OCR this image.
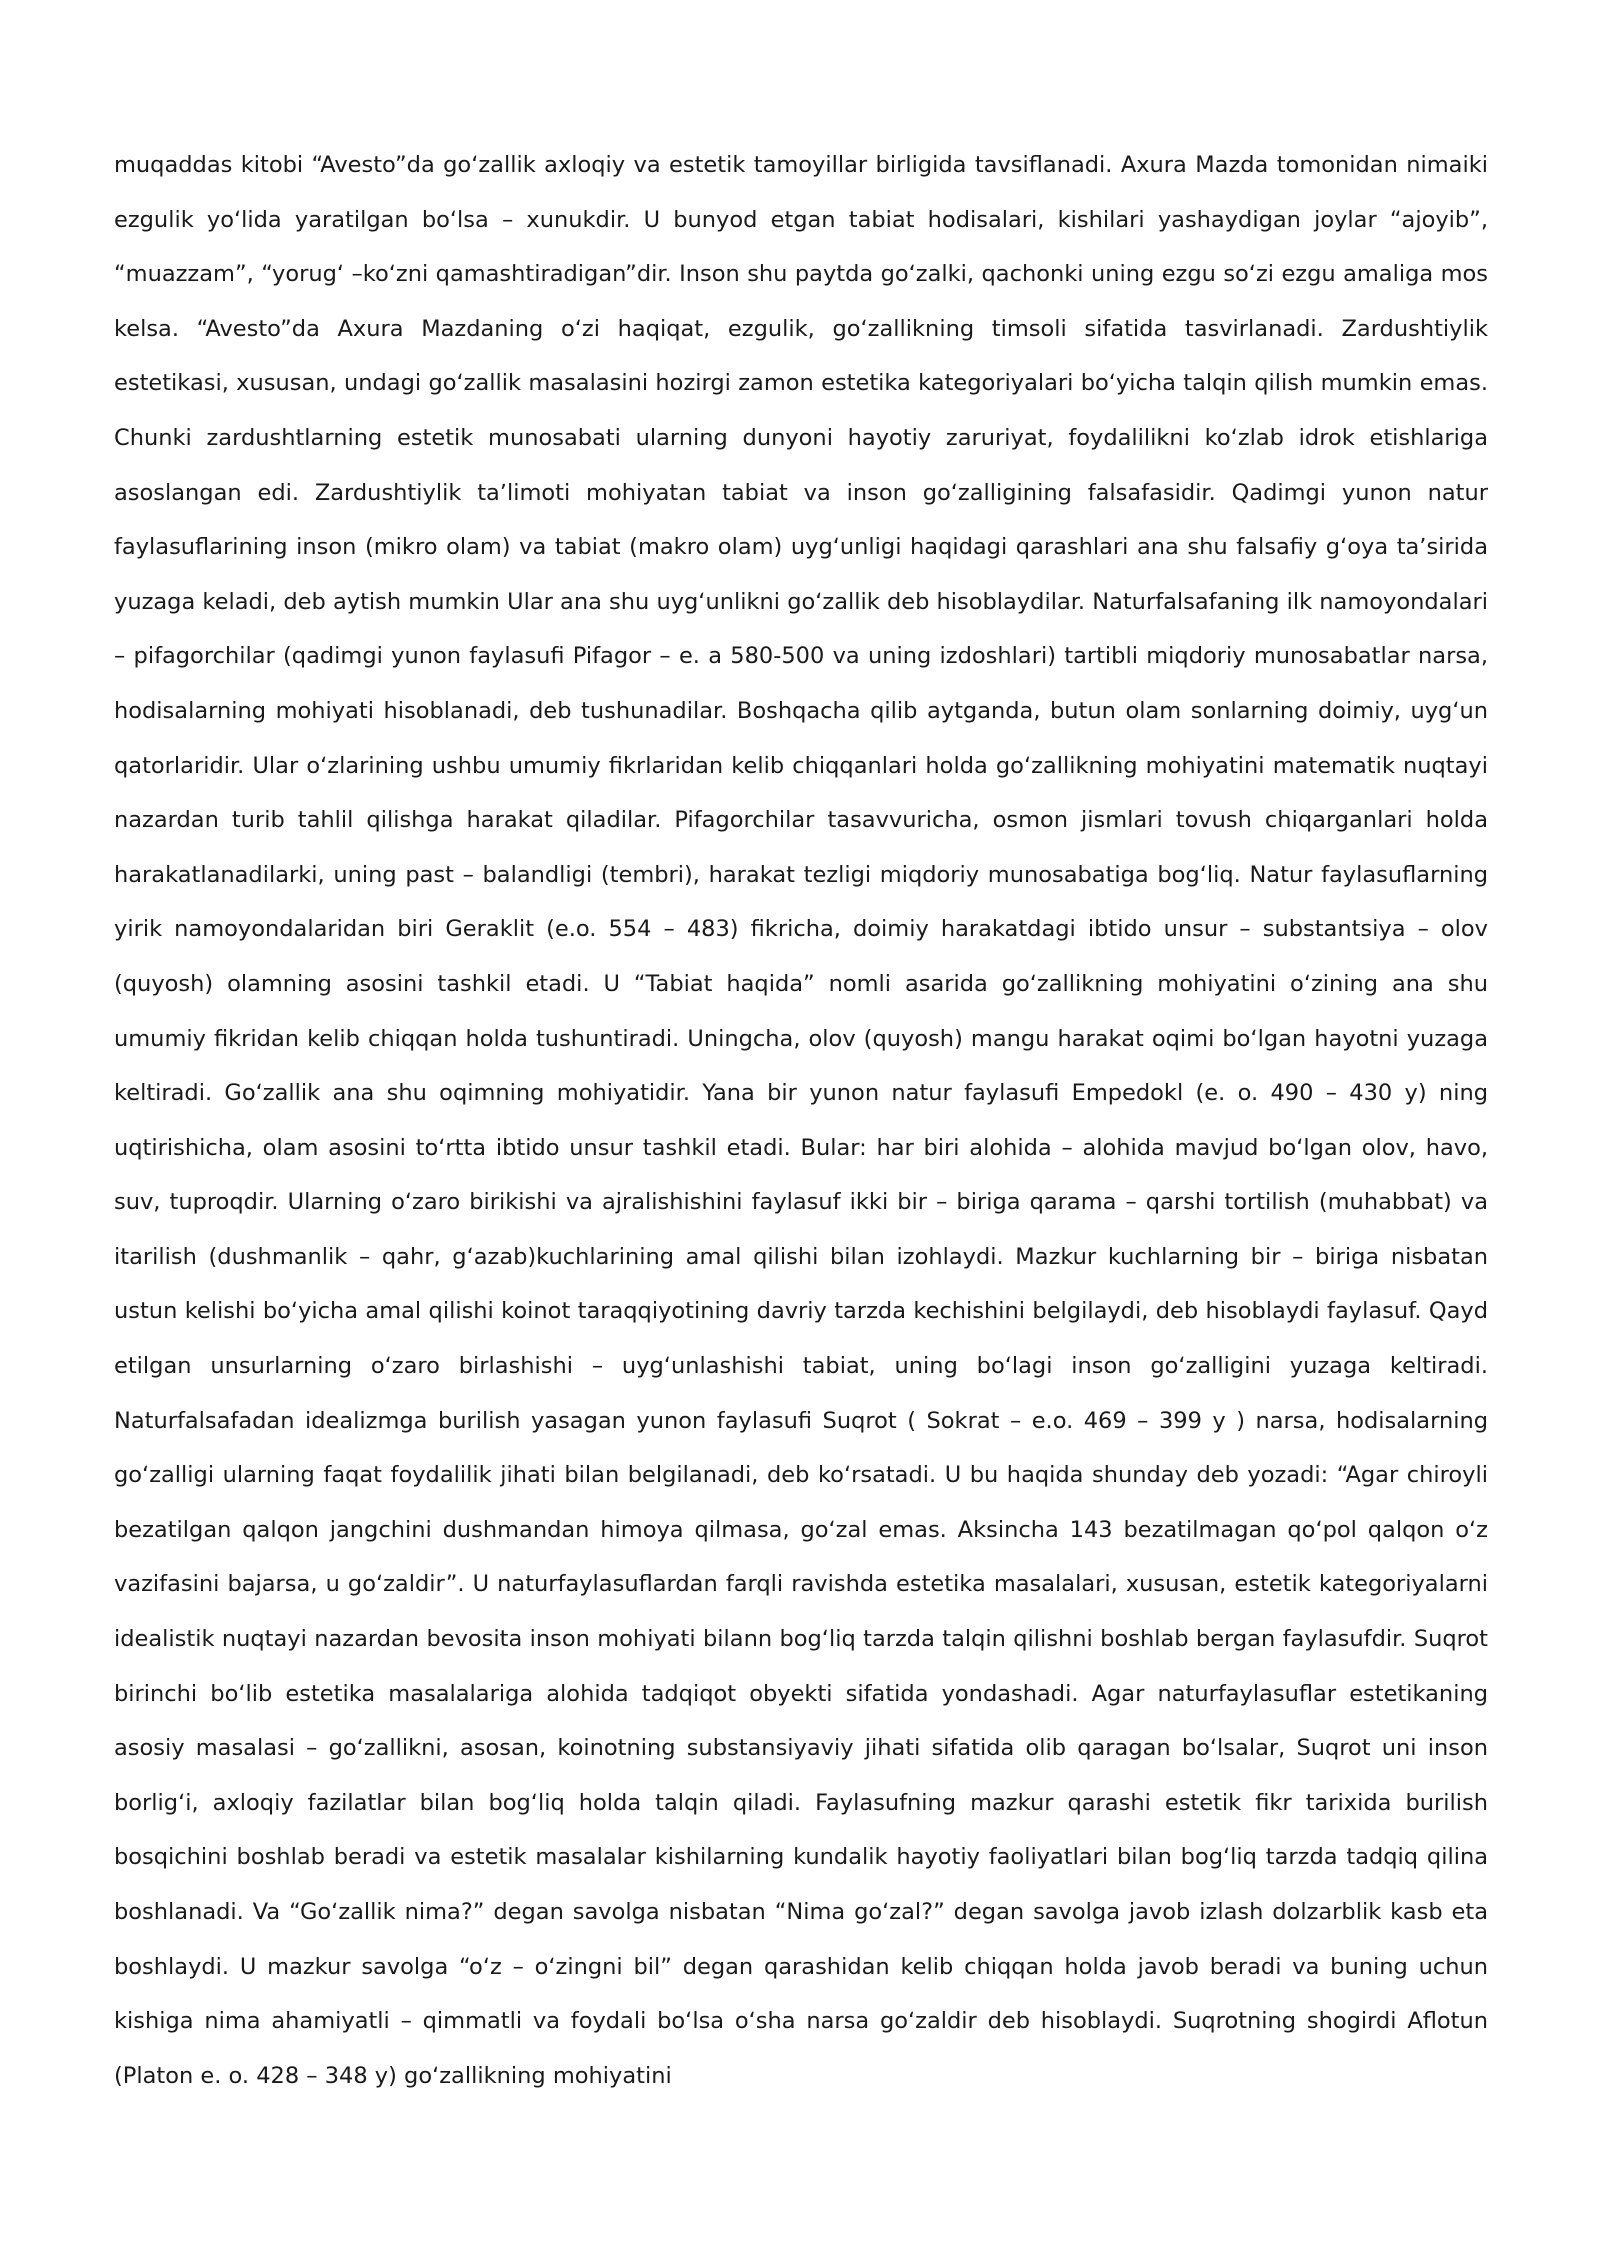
muqaddas kitobi “Avesto”da goʻzallik axloqiy va estetik tamoyillar birligida tavsiflanadi. Axura Mazda tomonidan nimaiki ezgulik yoʻlida yaratilgan boʻlsa – xunukdir. U bunyod etgan tabiat hodisalari, kishilari yashaydigan joylar “ajoyib”, “muazzam”, “yorugʻ –koʻzni qamashtiradigan”dir. Inson shu paytda goʻzalki, qachonki uning ezgu soʻzi ezgu amaliga mos kelsa. “Avesto”da Axura Mazdaning oʻzi haqiqat, ezgulik, goʻzallikning timsoli sifatida tasvirlanadi. Zardushtiylik estetikasi, xususan, undagi goʻzallik masalasini hozirgi zamon estetika kategoriyalari boʻyicha talqin qilish mumkin emas. Chunki zardushtlarning estetik munosabati ularning dunyoni hayotiy zaruriyat, foydalilikni koʻzlab idrok etishlariga asoslangan edi. Zardushtiylik taʼlimoti mohiyatan tabiat va inson goʻzalligining falsafasidir. Qadimgi yunon natur faylasuflarining inson (mikro olam) va tabiat (makro olam) uygʻunligi haqidagi qarashlari ana shu falsafiy gʻoya taʼsirida yuzaga keladi, deb aytish mumkin Ular ana shu uygʻunlikni goʻzallik deb hisoblaydilar. Naturfalsafaning ilk namoyondalari – pifagorchilar (qadimgi yunon faylasufi Pifagor – e. a 580-500 va uning izdoshlari) tartibli miqdoriy munosabatlar narsa, hodisalarning mohiyati hisoblanadi, deb tushunadilar. Boshqacha qilib aytganda, butun olam sonlarning doimiy, uygʻun qatorlaridir. Ular oʻzlarining ushbu umumiy fikrlaridan kelib chiqqanlari holda goʻzallikning mohiyatini matematik nuqtayi nazardan turib tahlil qilishga harakat qiladilar. Pifagorchilar tasavvuricha, osmon jismlari tovush chiqarganlari holda harakatlanadilarki, uning past – balandligi (tembri), harakat tezligi miqdoriy munosabatiga bogʻliq. Natur faylasuflarning yirik namoyondalaridan biri Geraklit (e.o. 554 – 483) fikricha, doimiy harakatdagi ibtido unsur – substantsiya – olov (quyosh) olamning asosini tashkil etadi. U “Tabiat haqida” nomli asarida goʻzallikning mohiyatini oʻzining ana shu umumiy fikridan kelib chiqqan holda tushuntiradi. Uningcha, olov (quyosh) mangu harakat oqimi boʻlgan hayotni yuzaga keltiradi. Goʻzallik ana shu oqimning mohiyatidir. Yana bir yunon natur faylasufi Empedokl (e. o. 490 – 430 y) ning uqtirishicha, olam asosini toʻrtta ibtido unsur tashkil etadi. Bular: har biri alohida – alohida mavjud boʻlgan olov, havo, suv, tuproqdir. Ularning oʻzaro birikishi va ajralishishini faylasuf ikki bir – biriga qarama – qarshi tortilish (muhabbat) va itarilish (dushmanlik – qahr, gʻazab)kuchlarining amal qilishi bilan izohlaydi. Mazkur kuchlarning bir – biriga nisbatan ustun kelishi boʻyicha amal qilishi koinot taraqqiyotining davriy tarzda kechishini belgilaydi, deb hisoblaydi faylasuf. Qayd etilgan unsurlarning oʻzaro birlashishi – uygʻunlashishi tabiat, uning boʻlagi inson goʻzalligini yuzaga keltiradi. Naturfalsafadan idealizmga burilish yasagan yunon faylasufi Suqrot ( Sokrat – e.o. 469 – 399 y ) narsa, hodisalarning goʻzalligi ularning faqat foydalilik jihati bilan belgilanadi, deb koʻrsatadi. U bu haqida shunday deb yozadi: “Agar chiroyli bezatilgan qalqon jangchini dushmandan himoya qilmasa, goʻzal emas. Aksincha 143 bezatilmagan qoʻpol qalqon oʻz vazifasini bajarsa, u goʻzaldir”. U naturfaylasuflardan farqli ravishda estetika masalalari, xususan, estetik kategoriyalarni idealistik nuqtayi nazardan bevosita inson mohiyati bilann bogʻliq tarzda talqin qilishni boshlab bergan faylasufdir. Suqrot birinchi boʻlib estetika masalalariga alohida tadqiqot obyekti sifatida yondashadi. Agar naturfaylasuflar estetikaning asosiy masalasi – goʻzallikni, asosan, koinotning substansiyaviy jihati sifatida olib qaragan boʻlsalar, Suqrot uni inson borligʻi, axloqiy fazilatlar bilan bogʻliq holda talqin qiladi. Faylasufning mazkur qarashi estetik fikr tarixida burilish bosqichini boshlab beradi va estetik masalalar kishilarning kundalik hayotiy faoliyatlari bilan bogʻliq tarzda tadqiq qilina boshlanadi. Va “Goʻzallik nima?” degan savolga nisbatan “Nima goʻzal?” degan savolga javob izlash dolzarblik kasb eta boshlaydi. U mazkur savolga “oʻz – oʻzingni bil” degan qarashidan kelib chiqqan holda javob beradi va buning uchun kishiga nima ahamiyatli – qimmatli va foydali boʻlsa oʻsha narsa goʻzaldir deb hisoblaydi. Suqrotning shogirdi Aflotun (Platon e. o. 428 – 348 y) goʻzallikning mohiyatini
